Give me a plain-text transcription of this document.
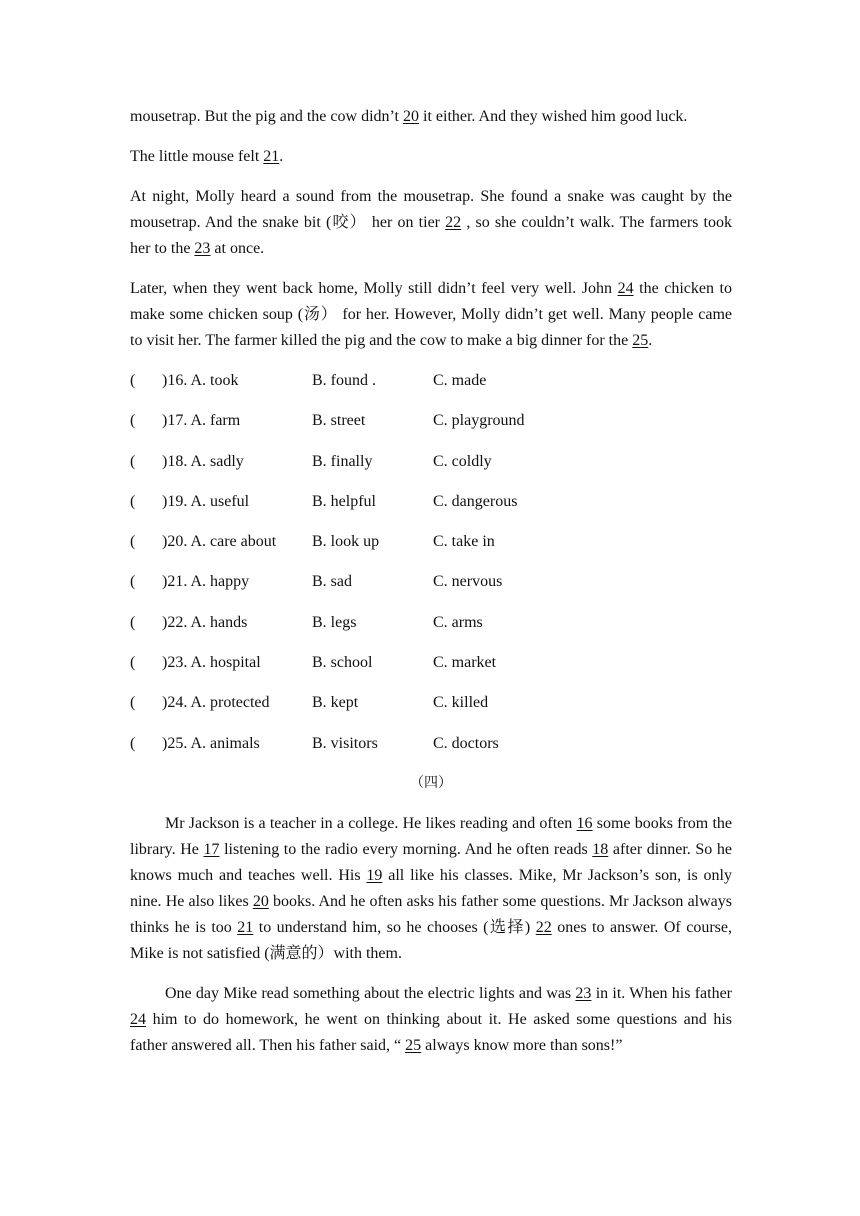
mousetrap. But the pig and the cow didn’t 20 it either. And they wished him good luck.

The little mouse felt 21.

At night, Molly heard a sound from the mousetrap. She found a snake was caught by the mousetrap. And the snake bit (咬） her on tier 22 , so she couldn’t walk. The farmers took her to the 23 at once.

Later, when they went back home, Molly still didn’t feel very well. John 24 the chicken to make some chicken soup (汤） for her. However, Molly didn’t get well. Many people came to visit her. The farmer killed the pig and the cow to make a big dinner for the 25.

( )16. A. took	B. found .	C. made
( )17. A. farm	B. street	C. playground
( )18. A. sadly	B. finally	C. coldly
( )19. A. useful	B. helpful	C. dangerous
( )20. A. care about B. look up	C. take in
( )21. A. happy	B. sad	C. nervous
( )22. A. hands	B. legs	C. arms
( )23. A. hospital	B. school	C. market
( )24. A. protected	B. kept	C. killed
( )25. A. animals	B. visitors	C. doctors
（四）

Mr Jackson is a teacher in a college. He likes reading and often 16 some books from the library. He 17 listening to the radio every morning. And he often reads 18 after dinner. So he knows much and teaches well. His 19 all like his classes. Mike, Mr Jackson’s son, is only nine. He also likes 20 books. And he often asks his father some questions. Mr Jackson always thinks he is too 21 to understand him, so he chooses (选择) 22 ones to answer. Of course, Mike is not satisfied (满意的）with them.

One day Mike read something about the electric lights and was 23 in it. When his father 24 him to do homework, he went on thinking about it. He asked some questions and his father answered all. Then his father said, “ 25 always know more than sons!”
